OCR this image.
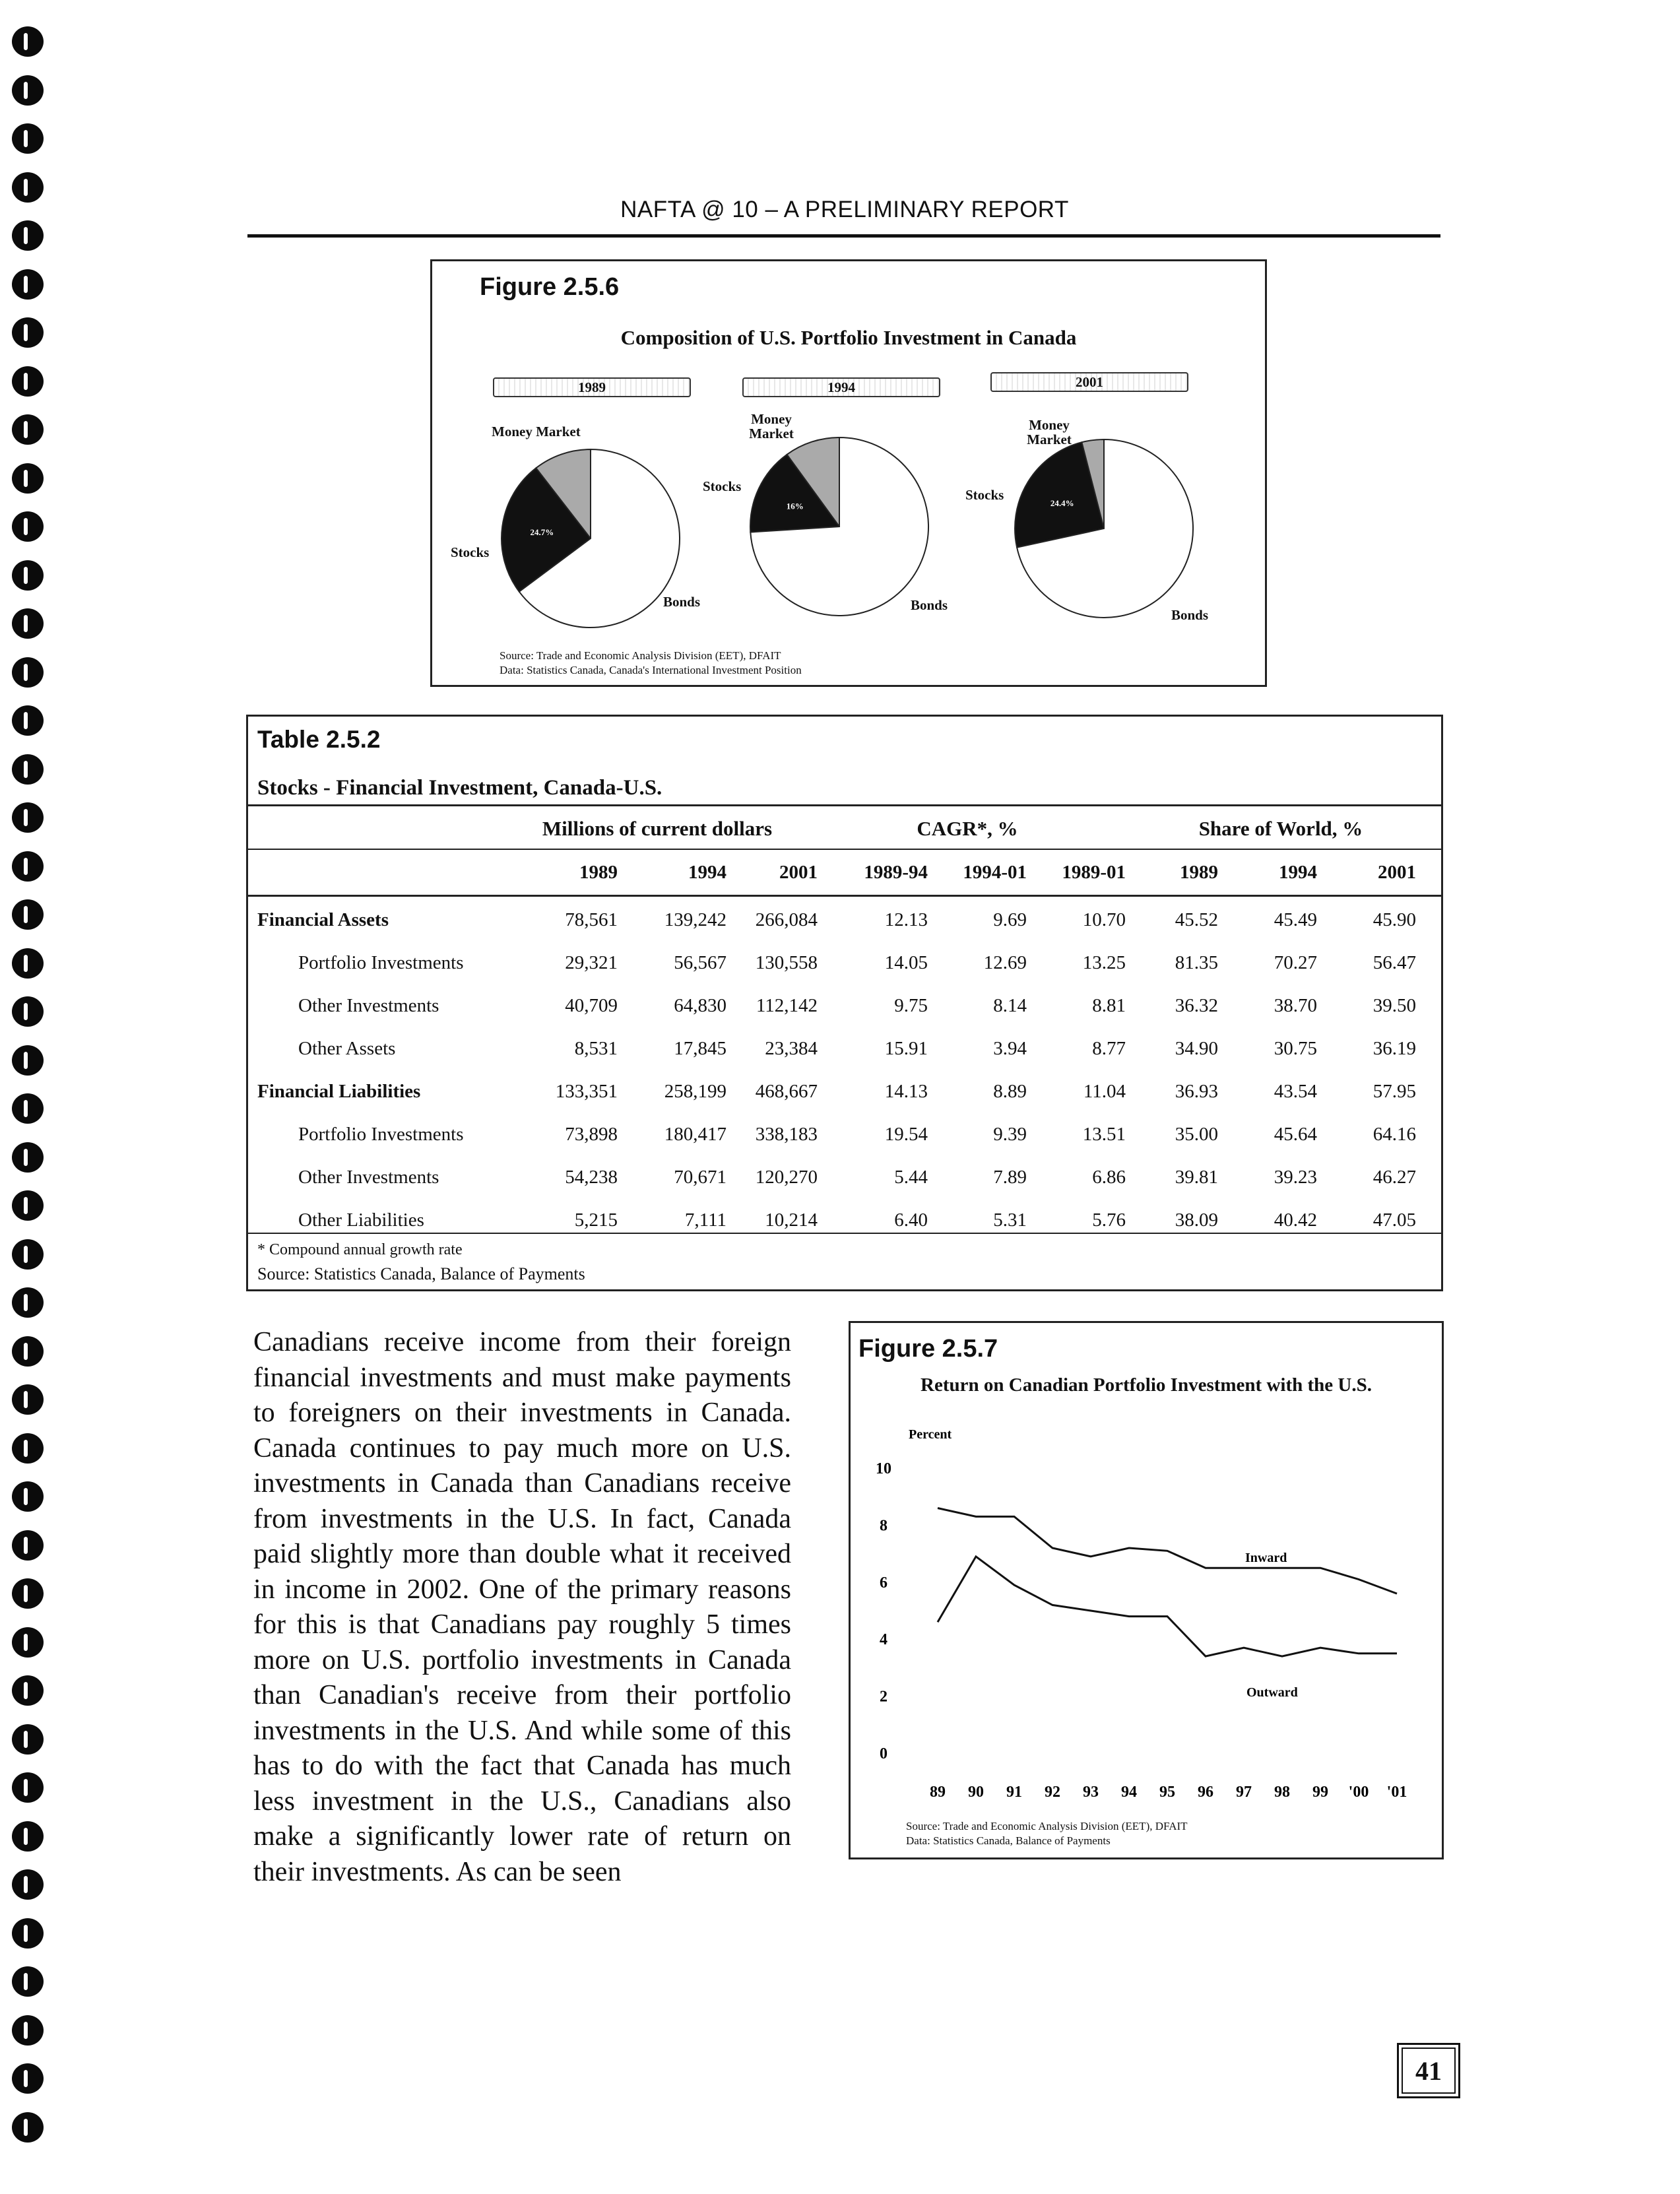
NAFTA @ 10 – A PRELIMINARY REPORT
Figure 2.5.6
Composition of U.S. Portfolio Investment in Canada
1989	1994	2001
24.7%
16%	24.4%
Money Market
Stocks
Bonds
Money Market
Stocks
Bonds
Money Market
Stocks
Bonds
Source: Trade and Economic Analysis Division (EET), DFAIT
Data: Statistics Canada, Canada's International Investment Position
Table 2.5.2
Stocks - Financial Investment, Canada-U.S.
Millions of current dollars	CAGR*, %	Share of World, %
1989	1994	2001	1989-94	1994-01	1989-01	1989	1994	2001
Financial Assets	78,561	139,242	266,084	12.13	9.69	10.70	45.52	45.49	45.90
Portfolio Investments	29,321	56,567	130,558	14.05	12.69	13.25	81.35	70.27	56.47
Other Investments	40,709	64,830	112,142	9.75	8.14	8.81	36.32	38.70	39.50
Other Assets	8,531	17,845	23,384	15.91	3.94	8.77	34.90	30.75	36.19
Financial Liabilities	133,351	258,199	468,667	14.13	8.89	11.04	36.93	43.54	57.95
Portfolio Investments	73,898	180,417	338,183	19.54	9.39	13.51	35.00	45.64	64.16
Other Investments	54,238	70,671	120,270	5.44	7.89	6.86	39.81	39.23	46.27
Other Liabilities	5,215	7,111	10,214	6.40	5.31	5.76	38.09	40.42	47.05
* Compound annual growth rate
Source: Statistics Canada, Balance of Payments
Canadians receive income from their foreign financial investments and must make payments to foreigners on their investments in Canada. Canada continues to pay much more on U.S. investments in Canada than Canadians receive from investments in the U.S. In fact, Canada paid slightly more than double what it received in income in 2002. One of the primary reasons for this is that Canadians pay roughly 5 times more on U.S. portfolio investments in Canada than Canadian's receive from their portfolio investments in the U.S. And while some of this has to do with the fact that Canada has much less investment in the U.S., Canadians also make a significantly lower rate of return on their investments. As can be seen
Figure 2.5.7
Return on Canadian Portfolio Investment with the U.S.
Percent
0
2
4
6
8
10
89 90 91 92 93 94 95 96 97 98 99 '00 '01
Inward
Outward
Source: Trade and Economic Analysis Division (EET), DFAIT
Data: Statistics Canada, Balance of Payments
41
